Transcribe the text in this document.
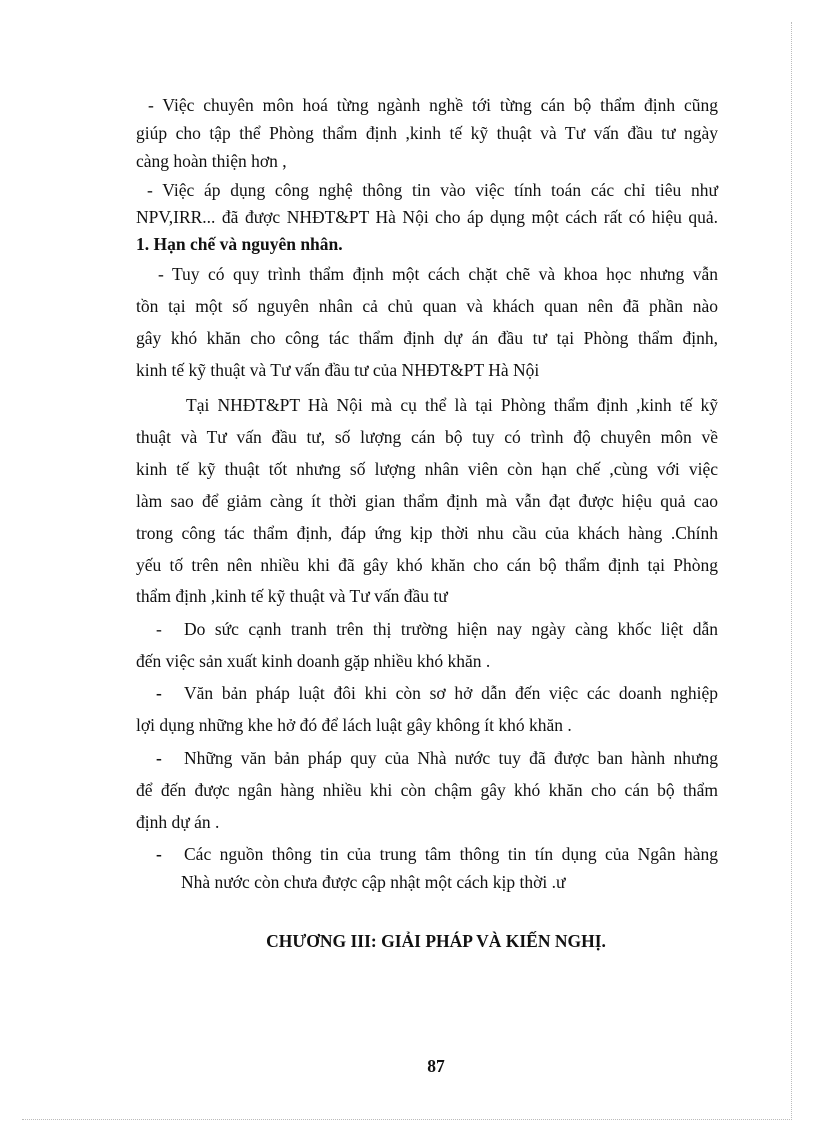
- Việc chuyên môn hoá từng ngành nghề tới từng cán bộ thẩm định cũng
giúp cho tập thể Phòng thẩm định ,kinh tế kỹ thuật và Tư vấn đầu tư ngày
càng hoàn thiện hơn ,
- Việc áp dụng công nghệ thông tin vào việc tính toán các chỉ tiêu như
NPV,IRR... đã được NHĐT&PT Hà Nội cho áp dụng một cách rất có hiệu quả.
1. Hạn chế và nguyên nhân.
- Tuy có quy trình thẩm định một cách chặt chẽ và khoa học nhưng vẫn
tồn tại một số nguyên nhân cả chủ quan và khách quan nên đã phần nào
gây khó khăn cho công tác thẩm định dự án đầu tư tại Phòng thẩm định,
kinh tế kỹ thuật và Tư vấn đầu tư của NHĐT&PT Hà Nội
Tại NHĐT&PT Hà Nội mà cụ thể là tại Phòng thẩm định ,kinh tế kỹ
thuật và Tư vấn đầu tư, số lượng cán bộ tuy có trình độ chuyên môn về
kinh tế kỹ thuật tốt nhưng số lượng nhân viên còn hạn chế ,cùng với việc
làm sao để giảm càng ít thời gian thẩm định mà vẫn đạt được hiệu quả cao
trong công tác thẩm định, đáp ứng kịp thời nhu cầu của khách hàng .Chính
yếu tố trên nên nhiều khi đã gây khó khăn cho cán bộ thẩm định tại Phòng
thẩm định ,kinh tế kỹ thuật và Tư vấn đầu tư
- Do sức cạnh tranh trên thị trường hiện nay ngày càng khốc liệt dẫn
đến việc sản xuất kinh doanh gặp nhiều khó khăn .
- Văn bản pháp luật đôi khi còn sơ hở dẫn đến việc các doanh nghiệp
lợi dụng những khe hở đó để lách luật gây không ít khó khăn .
- Những văn bản pháp quy của Nhà nước tuy đã được ban hành nhưng
để đến được ngân hàng nhiều khi còn chậm gây khó khăn cho cán bộ thẩm
định dự án .
- Các nguồn thông tin của trung tâm thông tin tín dụng của Ngân hàng
Nhà nước còn chưa được cập nhật một cách kịp thời .ư
CHƯƠNG III: GIẢI PHÁP VÀ KIẾN NGHỊ.
87
